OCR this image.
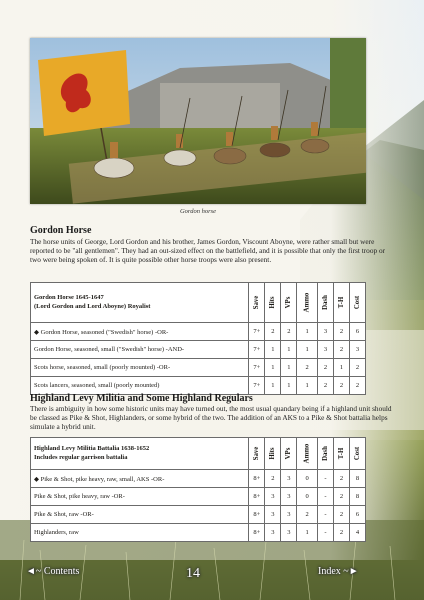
Gordon horse
Gordon Horse

The horse units of George, Lord Gordon and his brother, James Gordon, Viscount Aboyne, were rather small but were reported to be "all gentlemen". They had an out-sized effect on the battlefield, and it is possible that only the first troop or two were being spoken of. It is quite possible other horse troops were also present.

Gordon Horse 1645-1647
(Lord Gordon and Lord Aboyne) Royalist	Save	Hits	VPs	Ammo	Dash	T-H	Cost

◆ Gordon Horse, seasoned ("Swedish" horse) -OR-	7+	2	2	1	3	2	6
Gordon Horse, seasoned, small ("Swedish" horse) -AND-	7+	1	1	1	3	2	3
Scots horse, seasoned, small (poorly mounted) -OR-	7+	1	1	2	2	1	2
Scots lancers, seasoned, small (poorly mounted)	7+	1	1	1	2	2	2
Highland Levy Militia and Some Highland Regulars

There is ambiguity in how some historic units may have turned out, the most usual quandary being if a highland unit should be classed as Pike & Shot, Highlanders, or some hybrid of the two. The addition of an AKS to a Pike & Shot battalia helps simulate a hybrid unit.

Highland Levy Militia Battalia 1638-1652
Includes regular garrison battalia	Save	Hits	VPs	Ammo	Dash	T-H	Cost

◆ Pike & Shot, pike heavy, raw, small, AKS -OR-	8+	2	3	0	-	2	8
Pike & Shot, pike heavy, raw -OR-	8+	3	3	0	-	2	8
Pike & Shot, raw -OR-	8+	3	3	2	-	2	6
Highlanders, raw	8+	3	3	1	-	2	4
◄~ Contents	14	Index ~►
